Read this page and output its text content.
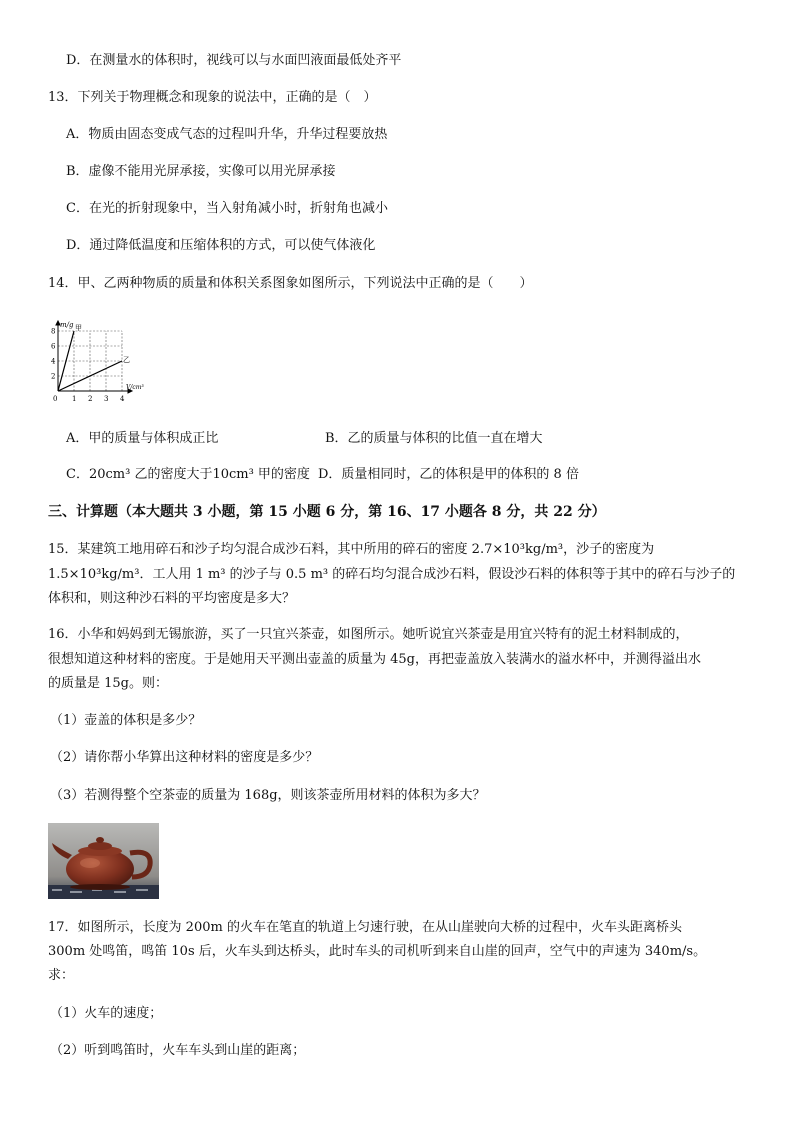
D．在测量水的体积时，视线可以与水面凹液面最低处齐平
13．下列关于物理概念和现象的说法中，正确的是（　）
A．物质由固态变成气态的过程叫升华，升华过程要放热
B．虚像不能用光屏承接，实像可以用光屏承接
C．在光的折射现象中，当入射角减小时，折射角也减小
D．通过降低温度和压缩体积的方式，可以使气体液化
14．甲、乙两种物质的质量和体积关系图象如图所示，下列说法中正确的是（　　）
甲
乙
2
4
6
8
1 2 3 4
0
m/g
V/cm³
A．甲的质量与体积成正比	B．乙的质量与体积的比值一直在增大
C．20cm³ 乙的密度大于10cm³ 甲的密度 D．质量相同时，乙的体积是甲的体积的 8 倍
三、计算题（本大题共 3 小题，第 15 小题 6 分，第 16、17 小题各 8 分，共 22 分）
15．某建筑工地用碎石和沙子均匀混合成沙石料，其中所用的碎石的密度 2.7×10³kg/m³，沙子的密度为
1.5×10³kg/m³．工人用 1 m³ 的沙子与 0.5 m³ 的碎石均匀混合成沙石料，假设沙石料的体积等于其中的碎石与沙子的
体积和，则这种沙石料的平均密度是多大？
16．小华和妈妈到无锡旅游，买了一只宜兴茶壶，如图所示。她听说宜兴茶壶是用宜兴特有的泥土材料制成的，
很想知道这种材料的密度。于是她用天平测出壶盖的质量为 45g，再把壶盖放入装满水的溢水杯中，并测得溢出水
的质量是 15g。则：
（1）壶盖的体积是多少？
（2）请你帮小华算出这种材料的密度是多少？
（3）若测得整个空茶壶的质量为 168g，则该茶壶所用材料的体积为多大？
17．如图所示，长度为 200m 的火车在笔直的轨道上匀速行驶，在从山崖驶向大桥的过程中，火车头距离桥头
300m 处鸣笛，鸣笛 10s 后，火车头到达桥头，此时车头的司机听到来自山崖的回声，空气中的声速为 340m/s。
求：
（1）火车的速度；
（2）听到鸣笛时，火车车头到山崖的距离；
